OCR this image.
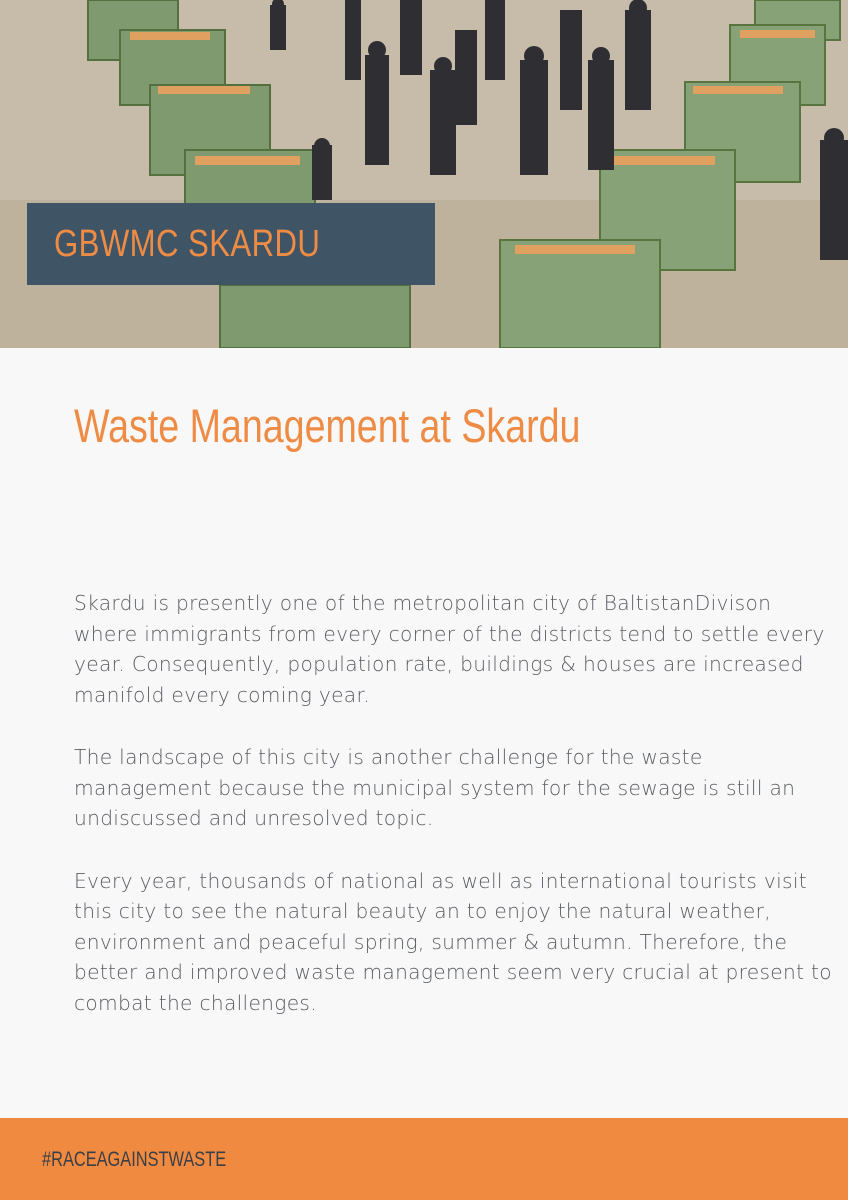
GBWMC SKARDU
Waste Management at Skardu

Skardu is presently one of the metropolitan city of BaltistanDivison where immigrants from every corner of the districts tend to settle every year. Consequently, population rate, buildings & houses are increased manifold every coming year.

The landscape of this city is another challenge for the waste management because the municipal system for the sewage is still an undiscussed and unresolved topic.

Every year, thousands of national as well as international tourists visit this city to see the natural beauty an to enjoy the natural weather, environment and peaceful spring, summer & autumn. Therefore, the better and improved waste management seem very crucial at present to combat the challenges.

#RACEAGAINSTWASTE
